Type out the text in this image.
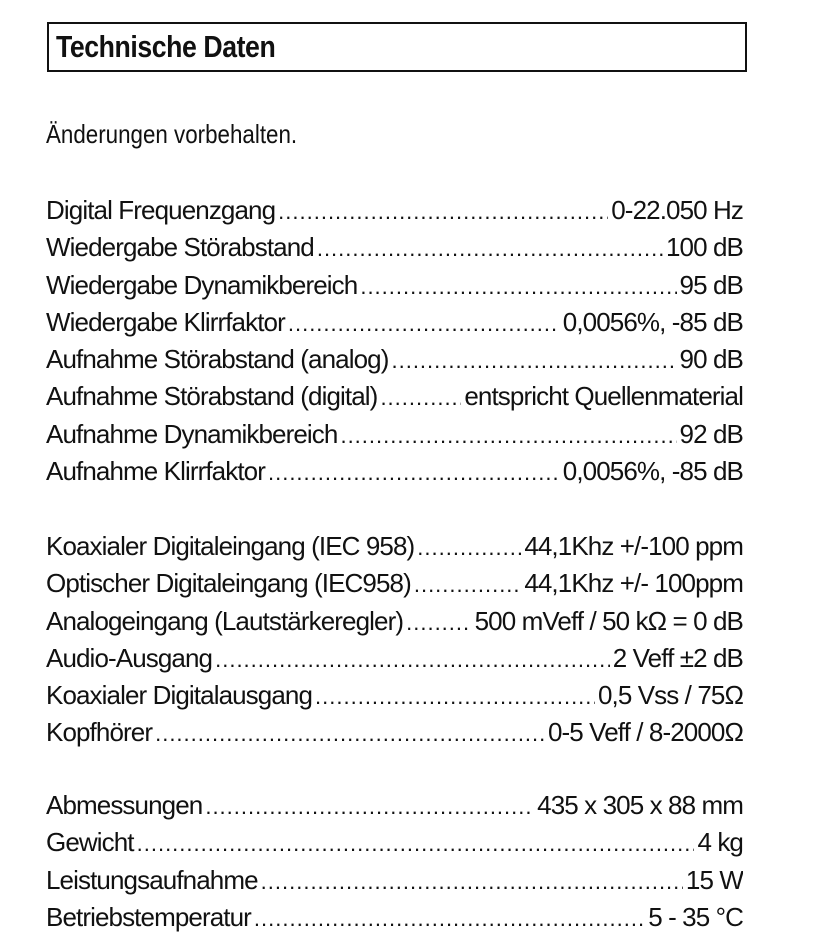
Technische Daten
Änderungen vorbehalten.
Digital Frequenzgang .....	0-22.050 Hz
Wiedergabe Störabstand .....	100 dB
Wiedergabe Dynamikbereich .....	95 dB
Wiedergabe Klirrfaktor .....	0,0056%, -85 dB
Aufnahme Störabstand (analog) .....	90 dB
Aufnahme Störabstand (digital) .....	entspricht Quellenmaterial
Aufnahme Dynamikbereich .....	92 dB
Aufnahme Klirrfaktor .....	0,0056%, -85 dB
Koaxialer Digitaleingang (IEC 958) .....	44,1Khz +/-100 ppm
Optischer Digitaleingang (IEC958) .....	44,1Khz +/- 100ppm
Analogeingang (Lautstärkeregler) .....	500 mVeff / 50 kΩ = 0 dB
Audio-Ausgang .....	2 Veff ±2 dB
Koaxialer Digitalausgang .....	0,5 Vss / 75Ω
Kopfhörer .....	0-5 Veff / 8-2000Ω
Abmessungen .....	435 x 305 x 88 mm
Gewicht .....	4 kg
Leistungsaufnahme .....	15 W
Betriebstemperatur .....	5 - 35 °C
